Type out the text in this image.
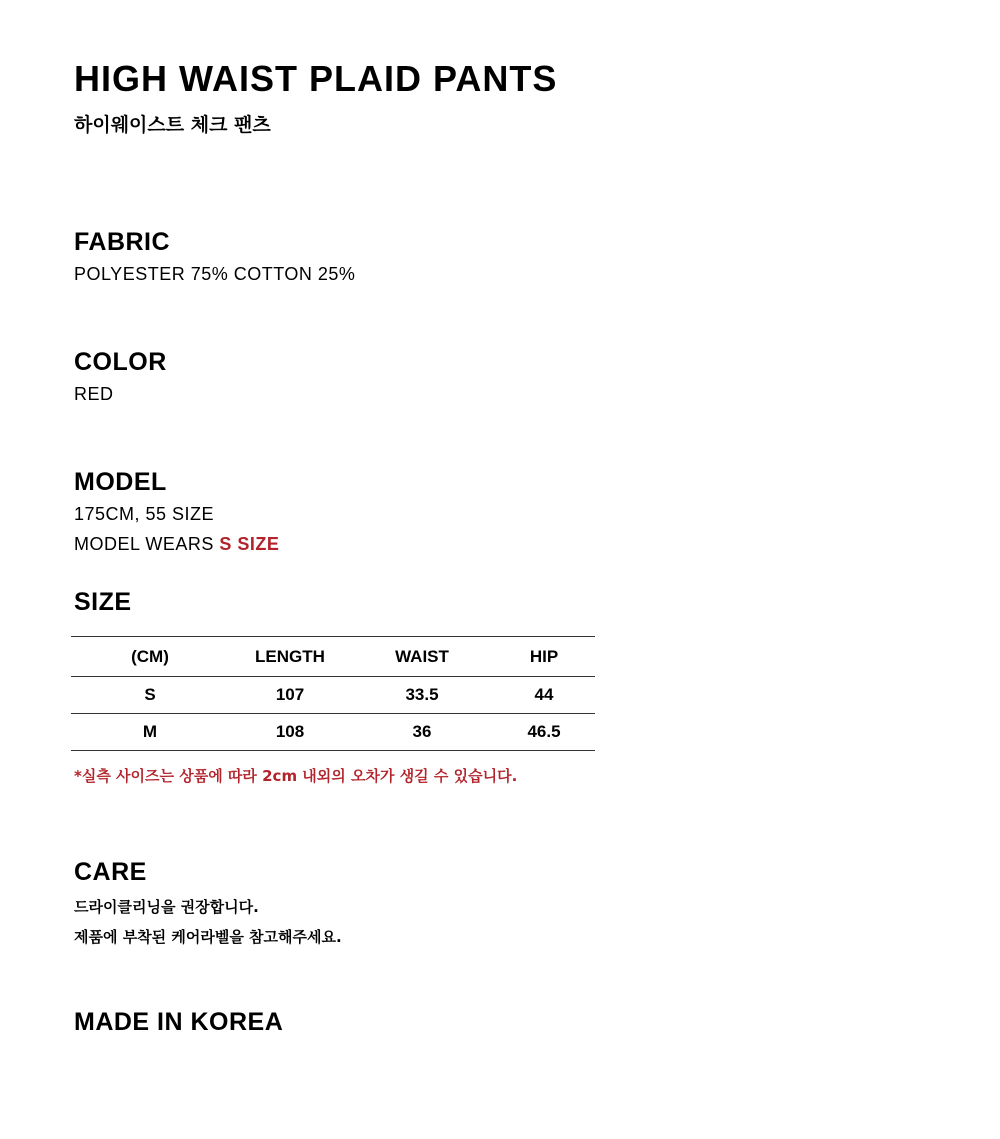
HIGH WAIST PLAID PANTS
하이웨이스트 체크 팬츠
FABRIC
POLYESTER 75% COTTON 25%
COLOR
RED
MODEL
175CM, 55 SIZE
MODEL WEARS S SIZE
SIZE
(CM)	LENGTH	WAIST	HIP
S	107	33.5	44
M	108	36	46.5
*실측 사이즈는 상품에 따라 2cm 내외의 오차가 생길 수 있습니다.
CARE
드라이클리닝을 권장합니다.
제품에 부착된 케어라벨을 참고해주세요.
MADE IN KOREA
